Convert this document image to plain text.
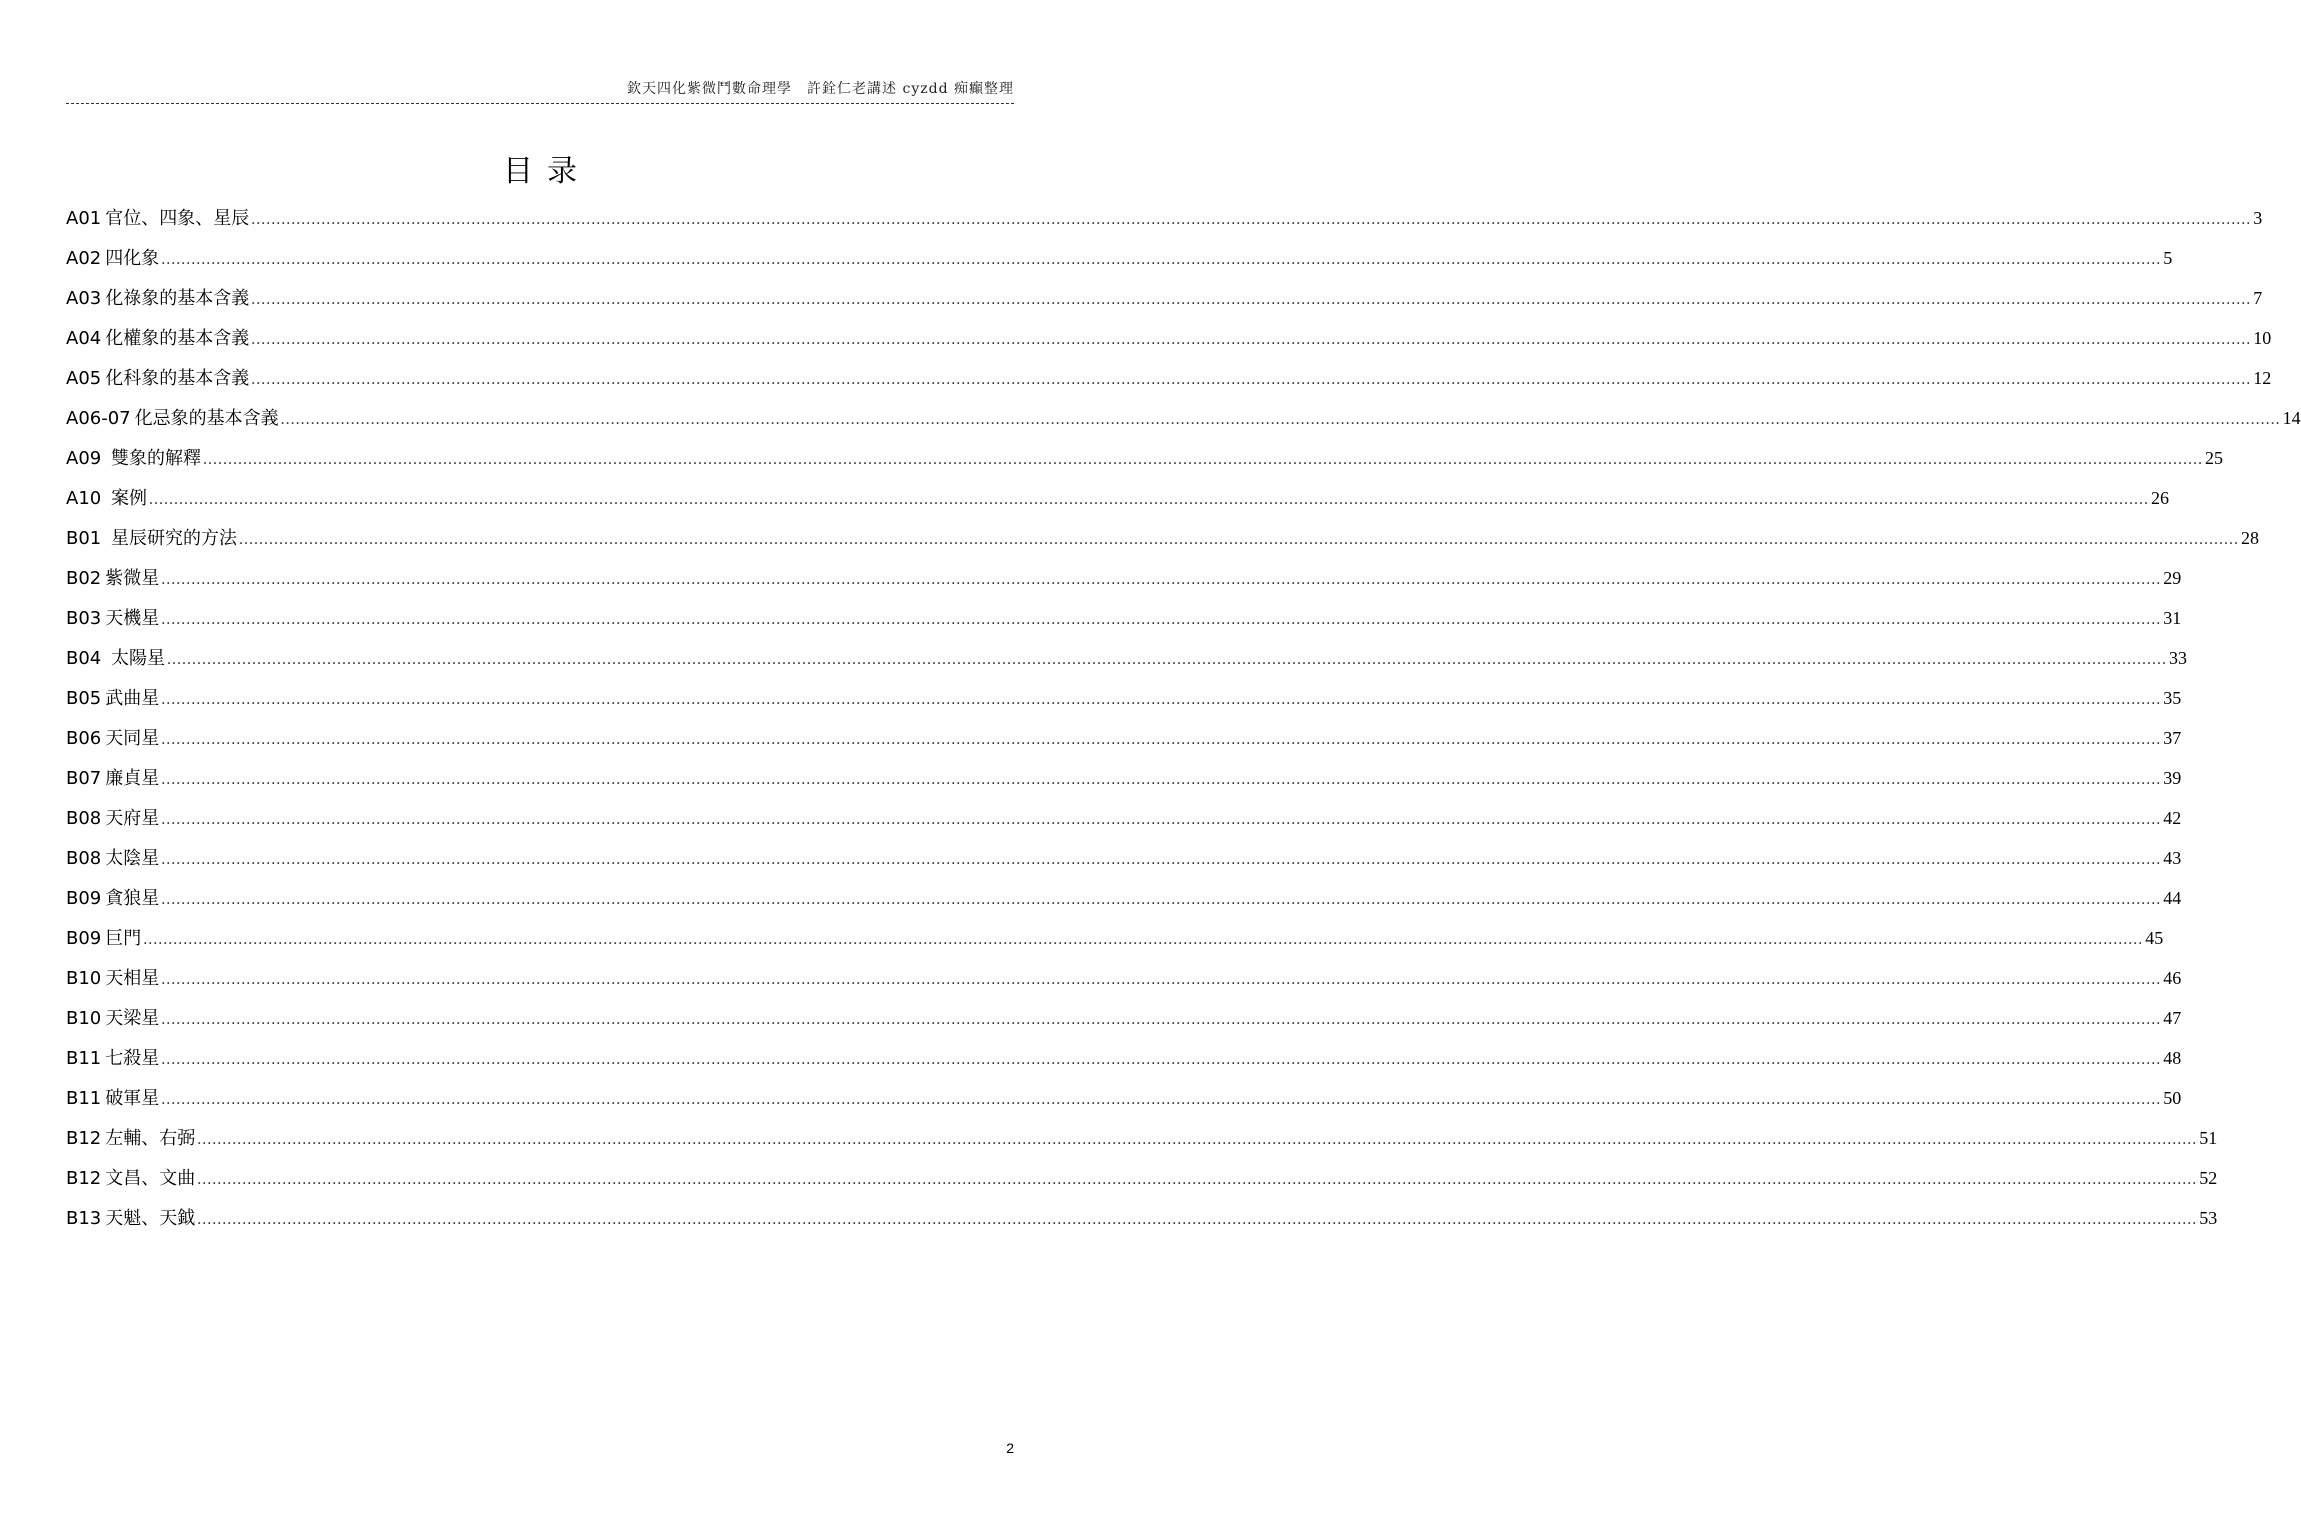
欽天四化紫微鬥數命理學　許銓仁老講述 cyzdd 痴癲整理
目录
A01 官位、四象、星辰 ................................................................................................................................................................................................................................................................................................................................................................................................................ 3
A02 四化象 ................................................................................................................................................................................................................................................................................................................................................................................................................ 5
A03 化祿象的基本含義 ................................................................................................................................................................................................................................................................................................................................................................................................................ 7
A04 化權象的基本含義 ................................................................................................................................................................................................................................................................................................................................................................................................................ 10
A05 化科象的基本含義 ................................................................................................................................................................................................................................................................................................................................................................................................................ 12
A06-07 化忌象的基本含義 ................................................................................................................................................................................................................................................................................................................................................................................................................ 14
A09 雙象的解釋 ................................................................................................................................................................................................................................................................................................................................................................................................................ 25
A10 案例 ................................................................................................................................................................................................................................................................................................................................................................................................................ 26
B01 星辰研究的方法 ................................................................................................................................................................................................................................................................................................................................................................................................................ 28
B02 紫微星 ................................................................................................................................................................................................................................................................................................................................................................................................................ 29
B03 天機星 ................................................................................................................................................................................................................................................................................................................................................................................................................ 31
B04 太陽星 ................................................................................................................................................................................................................................................................................................................................................................................................................ 33
B05 武曲星 ................................................................................................................................................................................................................................................................................................................................................................................................................ 35
B06 天同星 ................................................................................................................................................................................................................................................................................................................................................................................................................ 37
B07 廉貞星 ................................................................................................................................................................................................................................................................................................................................................................................................................ 39
B08 天府星 ................................................................................................................................................................................................................................................................................................................................................................................................................ 42
B08 太陰星 ................................................................................................................................................................................................................................................................................................................................................................................................................ 43
B09 貪狼星 ................................................................................................................................................................................................................................................................................................................................................................................................................ 44
B09 巨門 ................................................................................................................................................................................................................................................................................................................................................................................................................ 45
B10 天相星 ................................................................................................................................................................................................................................................................................................................................................................................................................ 46
B10 天梁星 ................................................................................................................................................................................................................................................................................................................................................................................................................ 47
B11 七殺星 ................................................................................................................................................................................................................................................................................................................................................................................................................ 48
B11 破軍星 ................................................................................................................................................................................................................................................................................................................................................................................................................ 50
B12 左輔、右弼 ................................................................................................................................................................................................................................................................................................................................................................................................................ 51
B12 文昌、文曲 ................................................................................................................................................................................................................................................................................................................................................................................................................ 52
B13 天魁、天鉞 ................................................................................................................................................................................................................................................................................................................................................................................................................ 53
2
